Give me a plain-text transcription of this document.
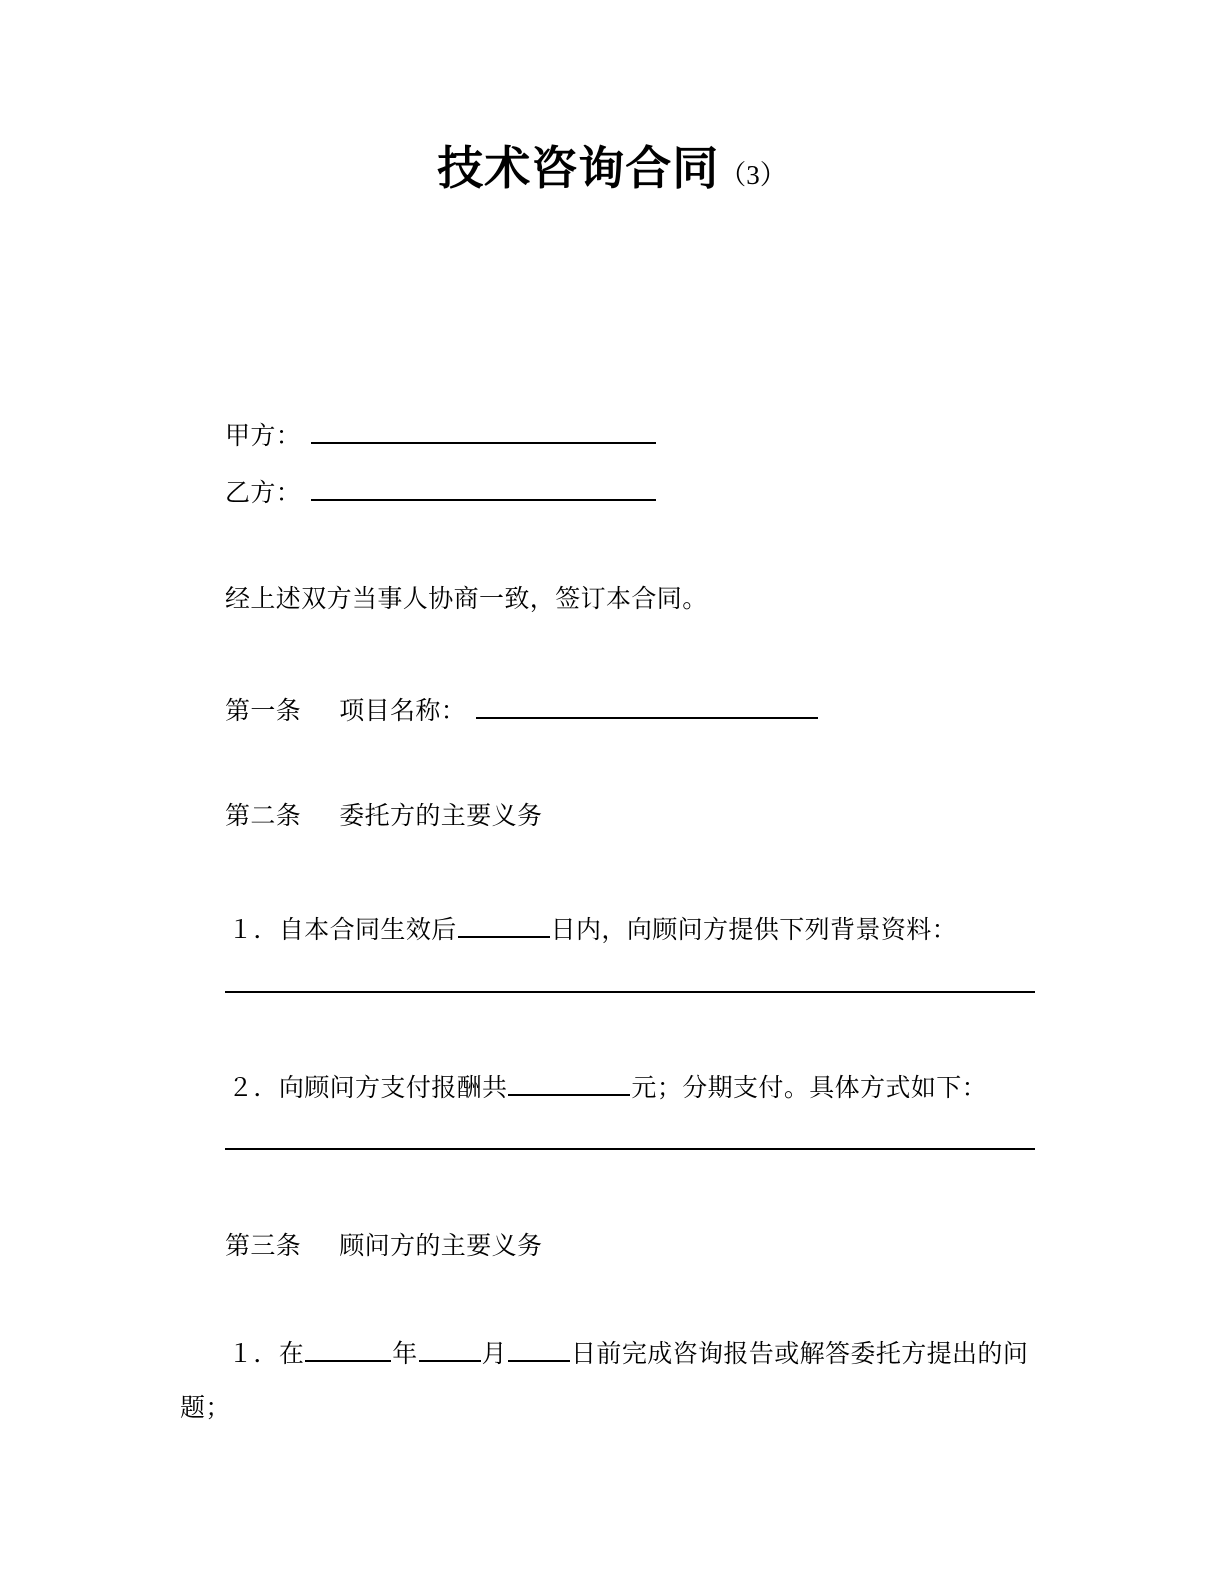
技术咨询合同（3）
甲方：
乙方：
经上述双方当事人协商一致，签订本合同。
第一条 项目名称：
第二条 委托方的主要义务
１．自本合同生效后	日内，向顾问方提供下列背景资料：
２．向顾问方支付报酬共	元；分期支付。具体方式如下：
第三条 顾问方的主要义务
１．在	年	月	日前完成咨询报告或解答委托方提出的问
题；
